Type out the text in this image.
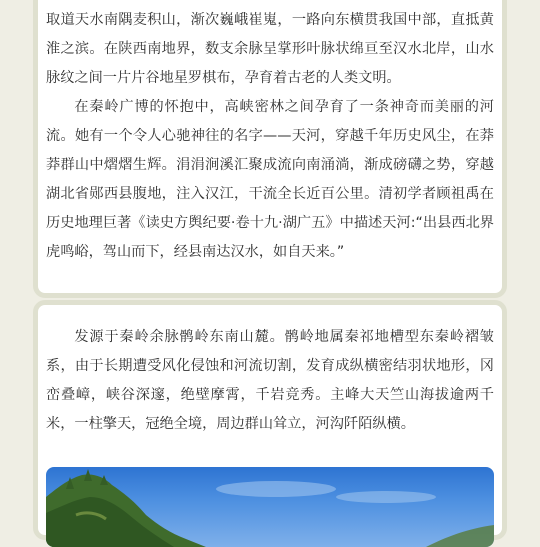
取道天水南隅麦积山，渐次巍峨崔嵬，一路向东横贯我国中部，直抵黄淮之滨。在陕西南地界，数支余脉呈掌形叶脉状绵亘至汉水北岸，山水脉纹之间一片片谷地星罗棋布，孕育着古老的人类文明。

在秦岭广博的怀抱中，高峡密林之间孕育了一条神奇而美丽的河流。她有一个令人心驰神往的名字——天河，穿越千年历史风尘，在莽莽群山中熠熠生辉。涓涓涧溪汇聚成流向南涌淌，渐成磅礴之势，穿越湖北省郧西县腹地，注入汉江，干流全长近百公里。清初学者顾祖禹在历史地理巨著《读史方舆纪要·卷十九·湖广五》中描述天河:“出县西北界虎鸣峪，驾山而下，经县南达汉水，如自天来。”

发源于秦岭余脉鹘岭东南山麓。鹘岭地属秦祁地槽型东秦岭褶皱系，由于长期遭受风化侵蚀和河流切割，发育成纵横密结羽状地形，冈峦叠嶂，峡谷深邃，绝壁摩霄，千岩竞秀。主峰大天竺山海拔逾两千米，一柱擎天，冠绝全境，周边群山耸立，河沟阡陌纵横。
